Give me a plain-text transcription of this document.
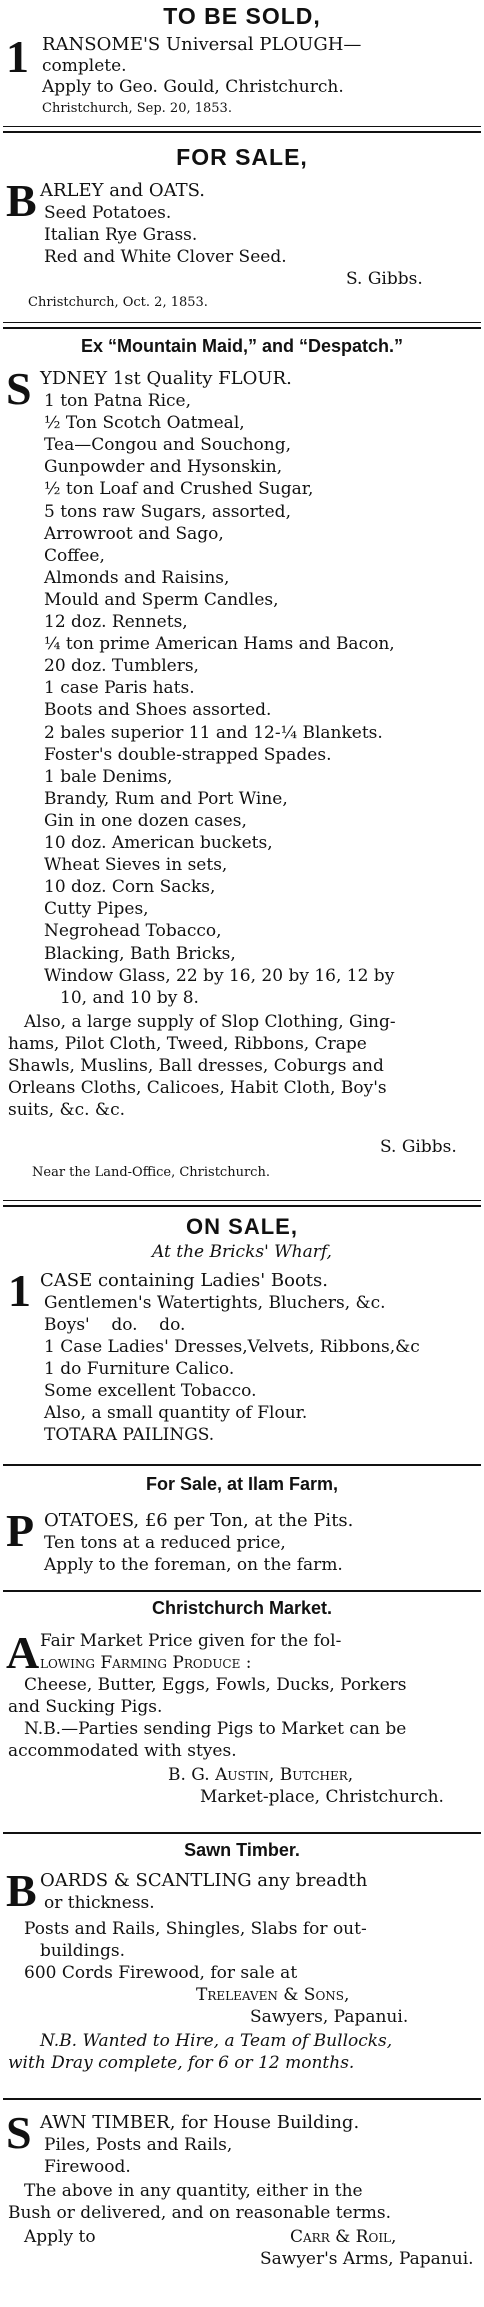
TO BE SOLD,
1 RANSOME'S Universal PLOUGH—
complete.
Apply to Geo. Gould, Christchurch.
Christchurch, Sep. 20, 1853.
FOR SALE,
B ARLEY and OATS.
Seed Potatoes.
Italian Rye Grass.
Red and White Clover Seed.
S. Gibbs.
Christchurch, Oct. 2, 1853.
Ex “Mountain Maid,” and “Despatch.”
S YDNEY 1st Quality FLOUR.
1 ton Patna Rice,
½ Ton Scotch Oatmeal,
Tea—Congou and Souchong,
Gunpowder and Hysonskin,
½ ton Loaf and Crushed Sugar,
5 tons raw Sugars, assorted,
Arrowroot and Sago,
Coffee,
Almonds and Raisins,
Mould and Sperm Candles,
12 doz. Rennets,
¼ ton prime American Hams and Bacon,
20 doz. Tumblers,
1 case Paris hats.
Boots and Shoes assorted.
2 bales superior 11 and 12-¼ Blankets.
Foster's double-strapped Spades.
1 bale Denims,
Brandy, Rum and Port Wine,
Gin in one dozen cases,
10 doz. American buckets,
Wheat Sieves in sets,
10 doz. Corn Sacks,
Cutty Pipes,
Negrohead Tobacco,
Blacking, Bath Bricks,
Window Glass, 22 by 16, 20 by 16, 12 by
10, and 10 by 8.
Also, a large supply of Slop Clothing, Ging-
hams, Pilot Cloth, Tweed, Ribbons, Crape
Shawls, Muslins, Ball dresses, Coburgs and
Orleans Cloths, Calicoes, Habit Cloth, Boy's
suits, &c. &c.
S. Gibbs.
Near the Land-Office, Christchurch.
ON SALE,
At the Bricks' Wharf,
1 CASE containing Ladies' Boots.
Gentlemen's Watertights, Bluchers, &c.
Boys'    do.    do.
1 Case Ladies' Dresses,Velvets, Ribbons,&c
1 do Furniture Calico.
Some excellent Tobacco.
Also, a small quantity of Flour.
TOTARA PAILINGS.
For Sale, at Ilam Farm,
P OTATOES, £6 per Ton, at the Pits.
Ten tons at a reduced price,
Apply to the foreman, on the farm.
Christchurch Market.
A Fair Market Price given for the fol-
lowing Farming Produce :
Cheese, Butter, Eggs, Fowls, Ducks, Porkers
and Sucking Pigs.
N.B.—Parties sending Pigs to Market can be
accommodated with styes.
B. G. Austin, Butcher,
Market-place, Christchurch.
Sawn Timber.
B OARDS & SCANTLING any breadth
or thickness.
Posts and Rails, Shingles, Slabs for out-
buildings.
600 Cords Firewood, for sale at
Treleaven & Sons,
Sawyers, Papanui.
N.B. Wanted to Hire, a Team of Bullocks,
with Dray complete, for 6 or 12 months.
S AWN TIMBER, for House Building.
Piles, Posts and Rails,
Firewood.
The above in any quantity, either in the
Bush or delivered, and on reasonable terms.
Apply to	Carr & Roil,
Sawyer's Arms, Papanui.
